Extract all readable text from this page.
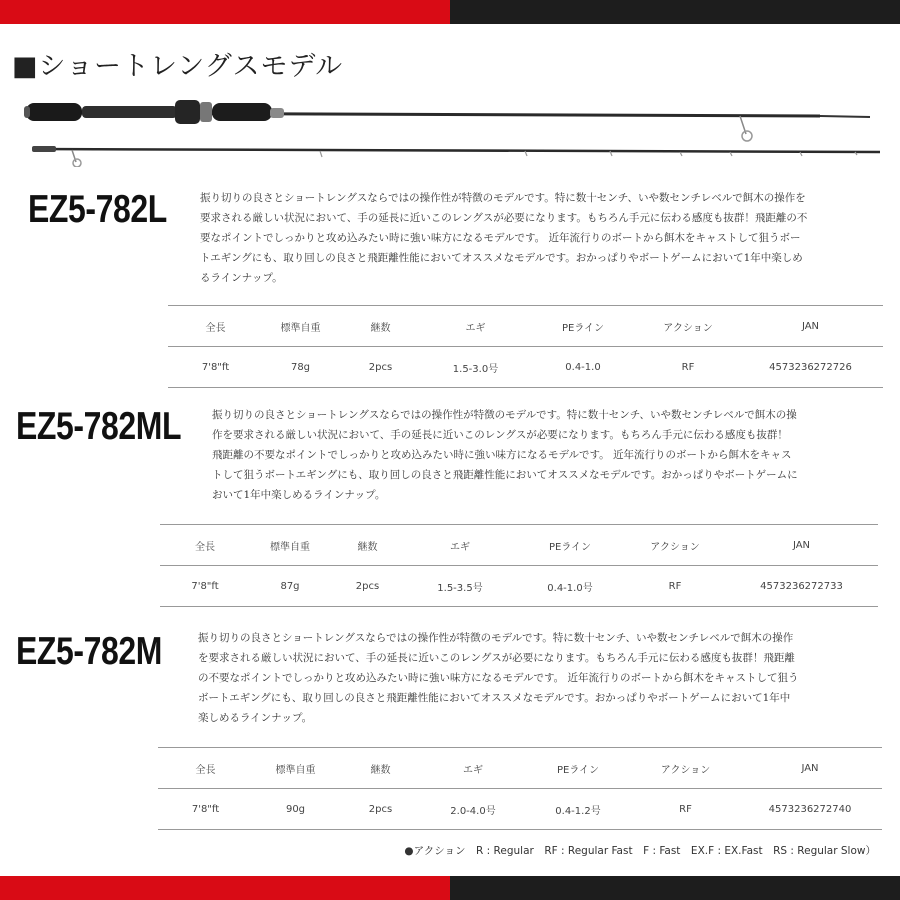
■ショートレングスモデル
EZ5-782L	振り切りの良さとショートレングスならではの操作性が特徴のモデルです。特に数十センチ、いや数センチレベルで餌木の操作を
要求される厳しい状況において、手の延長に近いこのレングスが必要になります。もちろん手元に伝わる感度も抜群！飛距離の不
要なポイントでしっかりと攻め込みたい時に強い味方になるモデルです。 近年流行りのボートから餌木をキャストして狙うボー
トエギングにも、取り回しの良さと飛距離性能においてオススメなモデルです。おかっぱりやボートゲームにおいて1年中楽しめ
るラインナップ。
全長	標準自重	継数	エギ	PEライン	アクション	JAN
7'8"ft	78g	2pcs	1.5-3.0号	0.4-1.0	RF	4573236272726
EZ5-782ML	振り切りの良さとショートレングスならではの操作性が特徴のモデルです。特に数十センチ、いや数センチレベルで餌木の操
作を要求される厳しい状況において、手の延長に近いこのレングスが必要になります。もちろん手元に伝わる感度も抜群！
飛距離の不要なポイントでしっかりと攻め込みたい時に強い味方になるモデルです。 近年流行りのボートから餌木をキャス
トして狙うボートエギングにも、取り回しの良さと飛距離性能においてオススメなモデルです。おかっぱりやボートゲームに
おいて1年中楽しめるラインナップ。
全長	標準自重	継数	エギ	PEライン	アクション	JAN
7'8"ft	87g	2pcs	1.5-3.5号	0.4-1.0号	RF	4573236272733
EZ5-782M	振り切りの良さとショートレングスならではの操作性が特徴のモデルです。特に数十センチ、いや数センチレベルで餌木の操作
を要求される厳しい状況において、手の延長に近いこのレングスが必要になります。もちろん手元に伝わる感度も抜群！飛距離
の不要なポイントでしっかりと攻め込みたい時に強い味方になるモデルです。 近年流行りのボートから餌木をキャストして狙う
ボートエギングにも、取り回しの良さと飛距離性能においてオススメなモデルです。おかっぱりやボートゲームにおいて1年中
楽しめるラインナップ。
全長	標準自重	継数	エギ	PEライン	アクション	JAN
7'8"ft	90g	2pcs	2.0-4.0号	0.4-1.2号	RF	4573236272740
●アクション　R : Regular　RF : Regular Fast　F : Fast　EX.F : EX.Fast　RS : Regular Slow）
